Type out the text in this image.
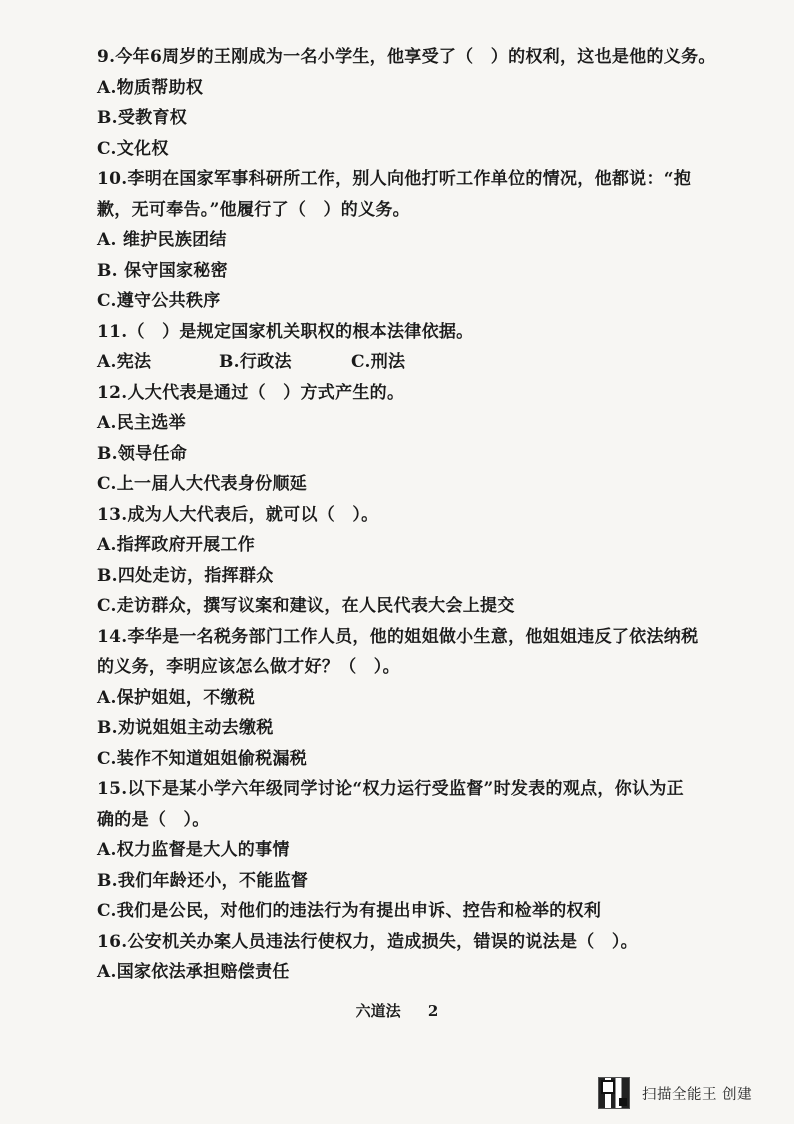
9.今年6周岁的王刚成为一名小学生，他享受了（　）的权利，这也是他的义务。
A.物质帮助权
B.受教育权
C.文化权
10.李明在国家军事科研所工作，别人向他打听工作单位的情况，他都说：“抱
歉，无可奉告。”他履行了（　）的义务。
A. 维护民族团结
B. 保守国家秘密
C.遵守公共秩序
11.（　）是规定国家机关职权的根本法律依据。
A.宪法	B.行政法	C.刑法
12.人大代表是通过（　）方式产生的。
A.民主选举
B.领导任命
C.上一届人大代表身份顺延
13.成为人大代表后，就可以（　）。
A.指挥政府开展工作
B.四处走访，指挥群众
C.走访群众，撰写议案和建议，在人民代表大会上提交
14.李华是一名税务部门工作人员，他的姐姐做小生意，他姐姐违反了依法纳税
的义务，李明应该怎么做才好？（　）。
A.保护姐姐，不缴税
B.劝说姐姐主动去缴税
C.装作不知道姐姐偷税漏税
15.以下是某小学六年级同学讨论“权力运行受监督”时发表的观点，你认为正
确的是（　）。
A.权力监督是大人的事情
B.我们年龄还小，不能监督
C.我们是公民，对他们的违法行为有提出申诉、控告和检举的权利
16.公安机关办案人员违法行使权力，造成损失，错误的说法是（　）。
A.国家依法承担赔偿责任
六道法 2
扫描全能王 创建
